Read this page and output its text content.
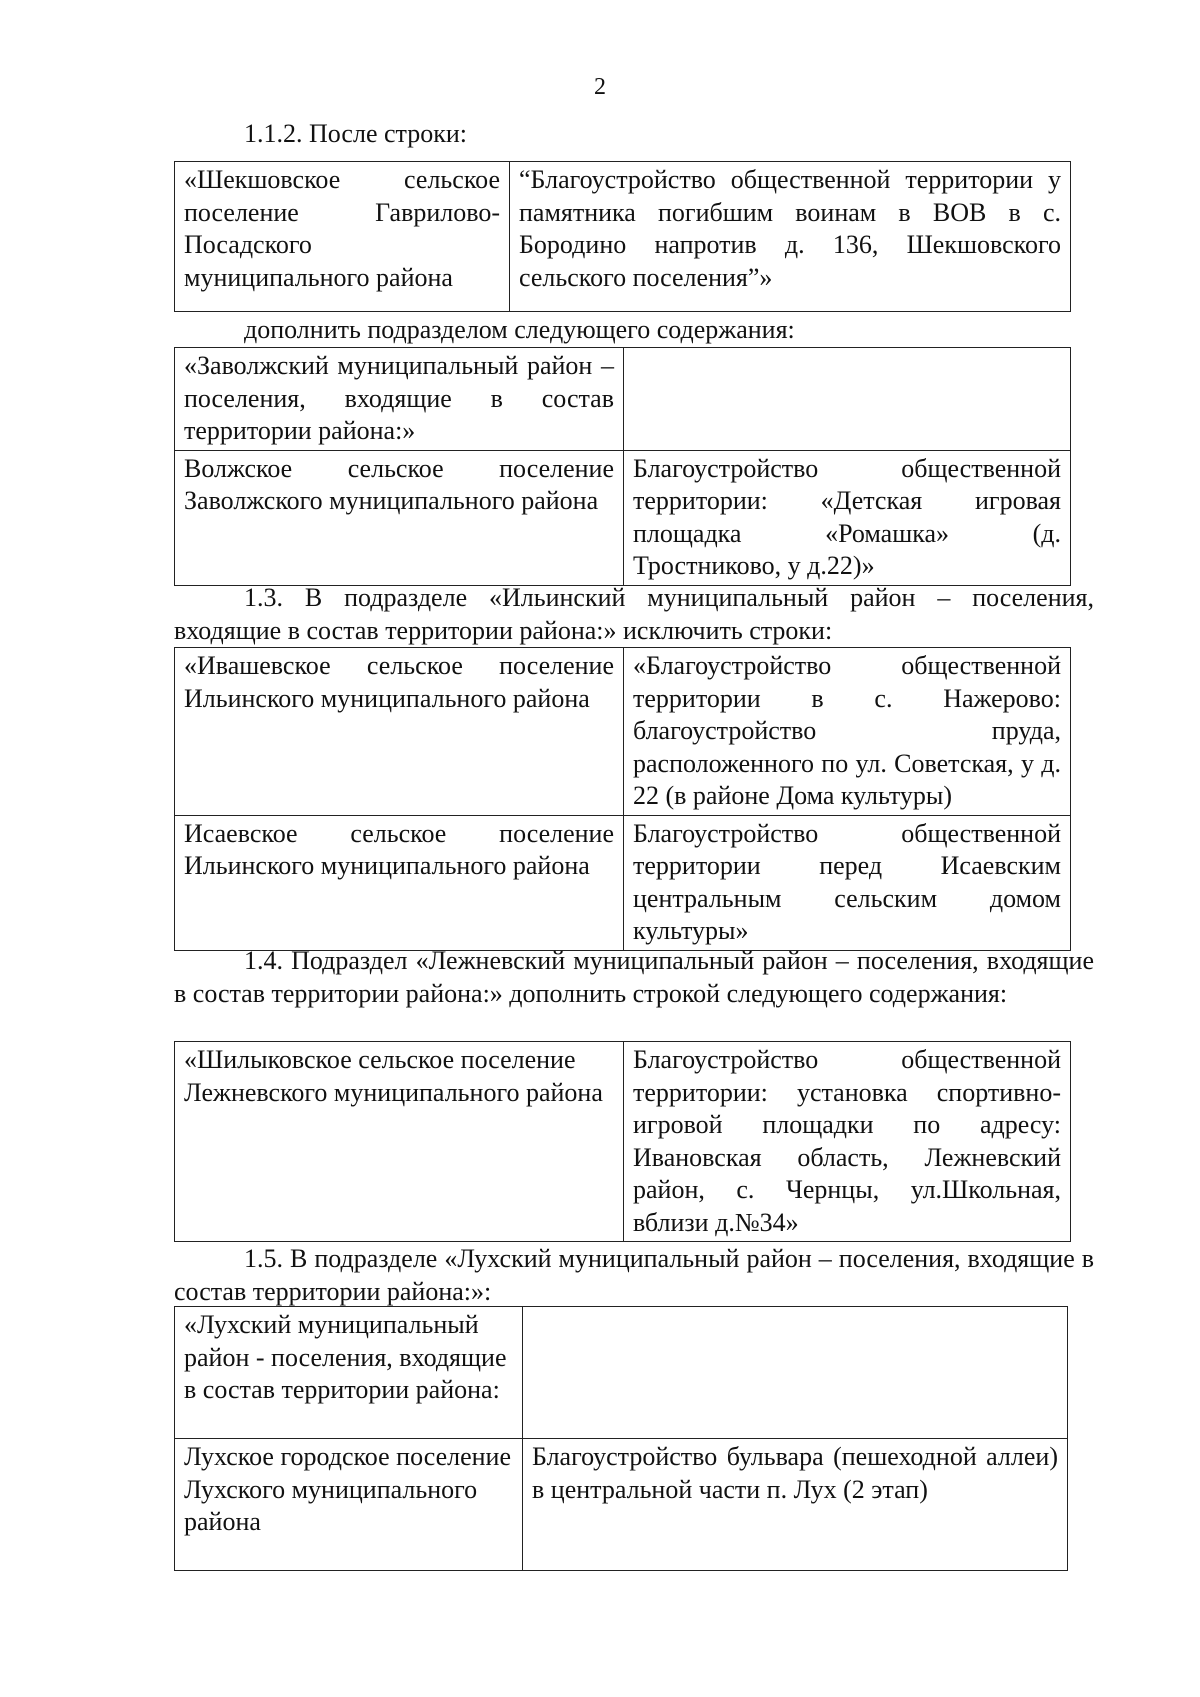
2
1.1.2. После строки:
«Шекшовское сельское поселение Гаврилово-Посадского муниципального района	“Благоустройство общественной территории у памятника погибшим воинам в ВОВ в с. Бородино напротив д. 136, Шекшовского сельского поселения”»
дополнить подразделом следующего содержания:
«Заволжский муниципальный район – поселения, входящие в состав территории района:»	
Волжское сельское поселение Заволжского муниципального района	Благоустройство общественной территории: «Детская игровая площадка «Ромашка» (д. Тростниково, у д.22)»
1.3. В подразделе «Ильинский муниципальный район – поселения, входящие в состав территории района:» исключить строки:
«Ивашевское сельское поселение Ильинского муниципального района	«Благоустройство общественной территории в с. Нажерово: благоустройство пруда, расположенного по ул. Советская, у д. 22 (в районе Дома культуры)
Исаевское сельское поселение Ильинского муниципального района	Благоустройство общественной территории перед Исаевским центральным сельским домом культуры»
1.4. Подраздел «Лежневский муниципальный район – поселения, входящие в состав территории района:» дополнить строкой следующего содержания:
«Шилыковское сельское поселение Лежневского муниципального района	Благоустройство общественной территории: установка спортивно-игровой площадки по адресу: Ивановская область, Лежневский район, с. Чернцы, ул.Школьная, вблизи д.№34»
1.5. В подразделе «Лухский муниципальный район – поселения, входящие в состав территории района:»:
«Лухский муниципальный район - поселения, входящие в состав территории района:	
Лухское городское поселение Лухского муниципального района	Благоустройство бульвара (пешеходной аллеи) в центральной части п. Лух (2 этап)
